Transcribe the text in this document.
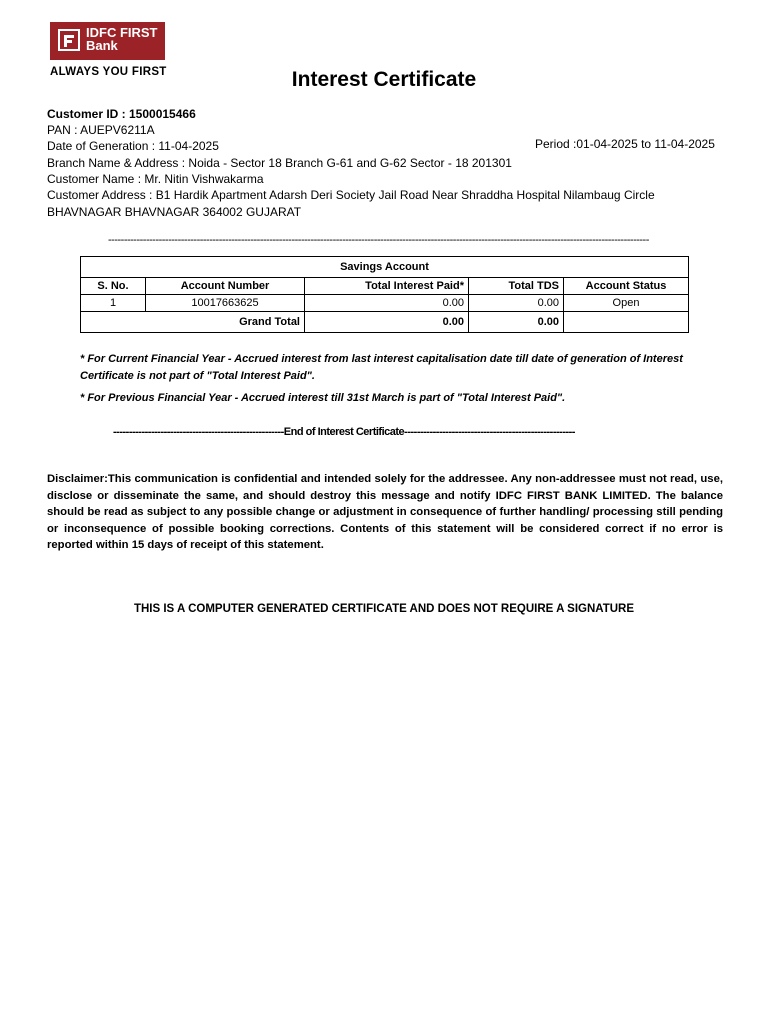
IDFC FIRST
Bank
ALWAYS YOU FIRST	Interest Certificate
Customer ID : 1500015466
PAN : AUEPV6211A
Date of Generation : 11-04-2025	Period :01-04-2025 to 11-04-2025
Branch Name & Address : Noida - Sector 18 Branch G-61 and G-62 Sector - 18 201301
Customer Name : Mr. Nitin Vishwakarma
Customer Address : B1 Hardik Apartment Adarsh Deri Society Jail Road Near Shraddha Hospital Nilambaug Circle BHAVNAGAR BHAVNAGAR 364002 GUJARAT
---------------------------------------------------------------------------------------------------------------------------------------------------------------------------
Savings Account				
S. No.	Account Number	Total Interest Paid*	Total TDS	Account Status
1	10017663625	0.00	0.00	Open
Grand Total		0.00	0.00	
* For Current Financial Year - Accrued interest from last interest capitalisation date till date of generation of Interest Certificate is not part of "Total Interest Paid".
* For Previous Financial Year - Accrued interest till 31st March is part of "Total Interest Paid".
------------------------------------------------------End of Interest Certificate------------------------------------------------------
Disclaimer:This communication is confidential and intended solely for the addressee. Any non-addressee must not read, use, disclose or disseminate the same, and should destroy this message and notify IDFC FIRST BANK LIMITED. The balance should be read as subject to any possible change or adjustment in consequence of further handling/ processing still pending or inconsequence of possible booking corrections. Contents of this statement will be considered correct if no error is reported within 15 days of receipt of this statement.
THIS IS A COMPUTER GENERATED CERTIFICATE AND DOES NOT REQUIRE A SIGNATURE
